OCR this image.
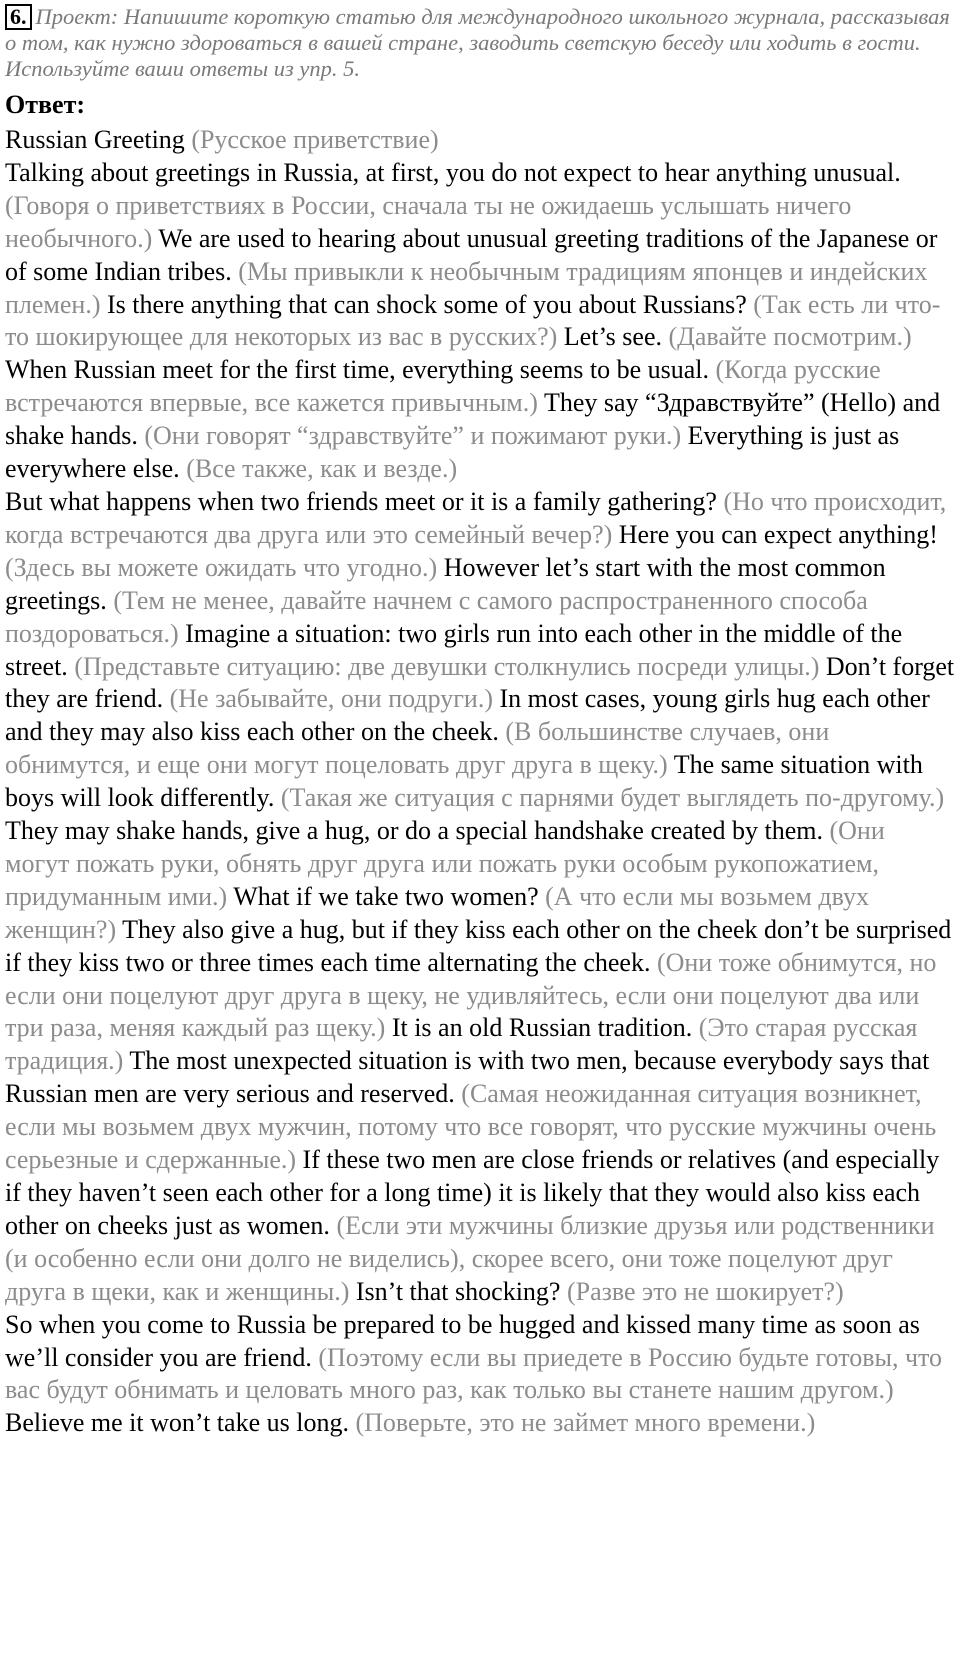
6. Проект: Напишите короткую статью для международного школьного журнала, рассказывая о том, как нужно здороваться в вашей стране, заводить светскую беседу или ходить в гости. Используйте ваши ответы из упр. 5.

Ответ:

Russian Greeting (Русское приветствие)

Talking about greetings in Russia, at first, you do not expect to hear anything unusual. (Говоря о приветствиях в России, сначала ты не ожидаешь услышать ничего необычного.) We are used to hearing about unusual greeting traditions of the Japanese or of some Indian tribes. (Мы привыкли к необычным традициям японцев и индейских племен.) Is there anything that can shock some of you about Russians? (Так есть ли что-то шокирующее для некоторых из вас в русских?) Let’s see. (Давайте посмотрим.)

When Russian meet for the first time, everything seems to be usual. (Когда русские встречаются впервые, все кажется привычным.) They say “Здравствуйте” (Hello) and shake hands. (Они говорят “здравствуйте” и пожимают руки.) Everything is just as everywhere else. (Все также, как и везде.)

But what happens when two friends meet or it is a family gathering? (Но что происходит, когда встречаются два друга или это семейный вечер?) Here you can expect anything! (Здесь вы можете ожидать что угодно.) However let’s start with the most common greetings. (Тем не менее, давайте начнем с самого распространенного способа поздороваться.) Imagine a situation: two girls run into each other in the middle of the street. (Представьте ситуацию: две девушки столкнулись посреди улицы.) Don’t forget they are friend. (Не забывайте, они подруги.) In most cases, young girls hug each other and they may also kiss each other on the cheek. (В большинстве случаев, они обнимутся, и еще они могут поцеловать друг друга в щеку.) The same situation with boys will look differently. (Такая же ситуация с парнями будет выглядеть по-другому.) They may shake hands, give a hug, or do a special handshake created by them. (Они могут пожать руки, обнять друг друга или пожать руки особым рукопожатием, придуманным ими.) What if we take two women? (А что если мы возьмем двух женщин?) They also give a hug, but if they kiss each other on the cheek don’t be surprised if they kiss two or three times each time alternating the cheek. (Они тоже обнимутся, но если они поцелуют друг друга в щеку, не удивляйтесь, если они поцелуют два или три раза, меняя каждый раз щеку.) It is an old Russian tradition. (Это старая русская традиция.) The most unexpected situation is with two men, because everybody says that Russian men are very serious and reserved. (Самая неожиданная ситуация возникнет, если мы возьмем двух мужчин, потому что все говорят, что русские мужчины очень серьезные и сдержанные.) If these two men are close friends or relatives (and especially if they haven’t seen each other for a long time) it is likely that they would also kiss each other on cheeks just as women. (Если эти мужчины близкие друзья или родственники (и особенно если они долго не виделись), скорее всего, они тоже поцелуют друг друга в щеки, как и женщины.) Isn’t that shocking? (Разве это не шокирует?)

So when you come to Russia be prepared to be hugged and kissed many time as soon as we’ll consider you are friend. (Поэтому если вы приедете в Россию будьте готовы, что вас будут обнимать и целовать много раз, как только вы станете нашим другом.) Believe me it won’t take us long. (Поверьте, это не займет много времени.)
